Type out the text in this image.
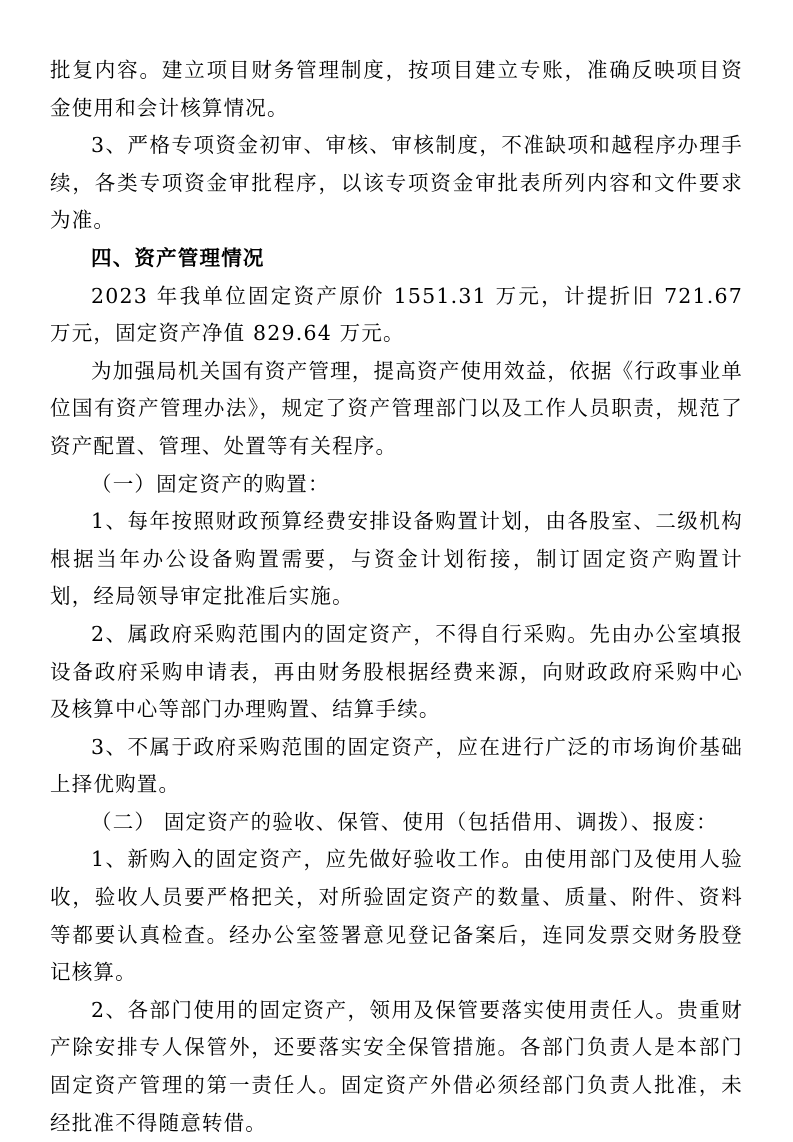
批复内容。建立项目财务管理制度，按项目建立专账，准确反映项目资金使用和会计核算情况。

3、严格专项资金初审、审核、审核制度，不准缺项和越程序办理手续，各类专项资金审批程序，以该专项资金审批表所列内容和文件要求为准。

四、资产管理情况

2023 年我单位固定资产原价 1551.31 万元，计提折旧 721.67 万元，固定资产净值 829.64 万元。

为加强局机关国有资产管理，提高资产使用效益，依据《行政事业单位国有资产管理办法》，规定了资产管理部门以及工作人员职责，规范了资产配置、管理、处置等有关程序。

（一）固定资产的购置：

1、每年按照财政预算经费安排设备购置计划，由各股室、二级机构根据当年办公设备购置需要，与资金计划衔接，制订固定资产购置计划，经局领导审定批准后实施。

2、属政府采购范围内的固定资产，不得自行采购。先由办公室填报设备政府采购申请表，再由财务股根据经费来源，向财政政府采购中心及核算中心等部门办理购置、结算手续。

3、不属于政府采购范围的固定资产，应在进行广泛的市场询价基础上择优购置。

（二） 固定资产的验收、保管、使用（包括借用、调拨）、报废：

1、新购入的固定资产，应先做好验收工作。由使用部门及使用人验收，验收人员要严格把关，对所验固定资产的数量、质量、附件、资料等都要认真检查。经办公室签署意见登记备案后，连同发票交财务股登记核算。

2、各部门使用的固定资产，领用及保管要落实使用责任人。贵重财产除安排专人保管外，还要落实安全保管措施。各部门负责人是本部门固定资产管理的第一责任人。固定资产外借必须经部门负责人批准，未经批准不得随意转借。
